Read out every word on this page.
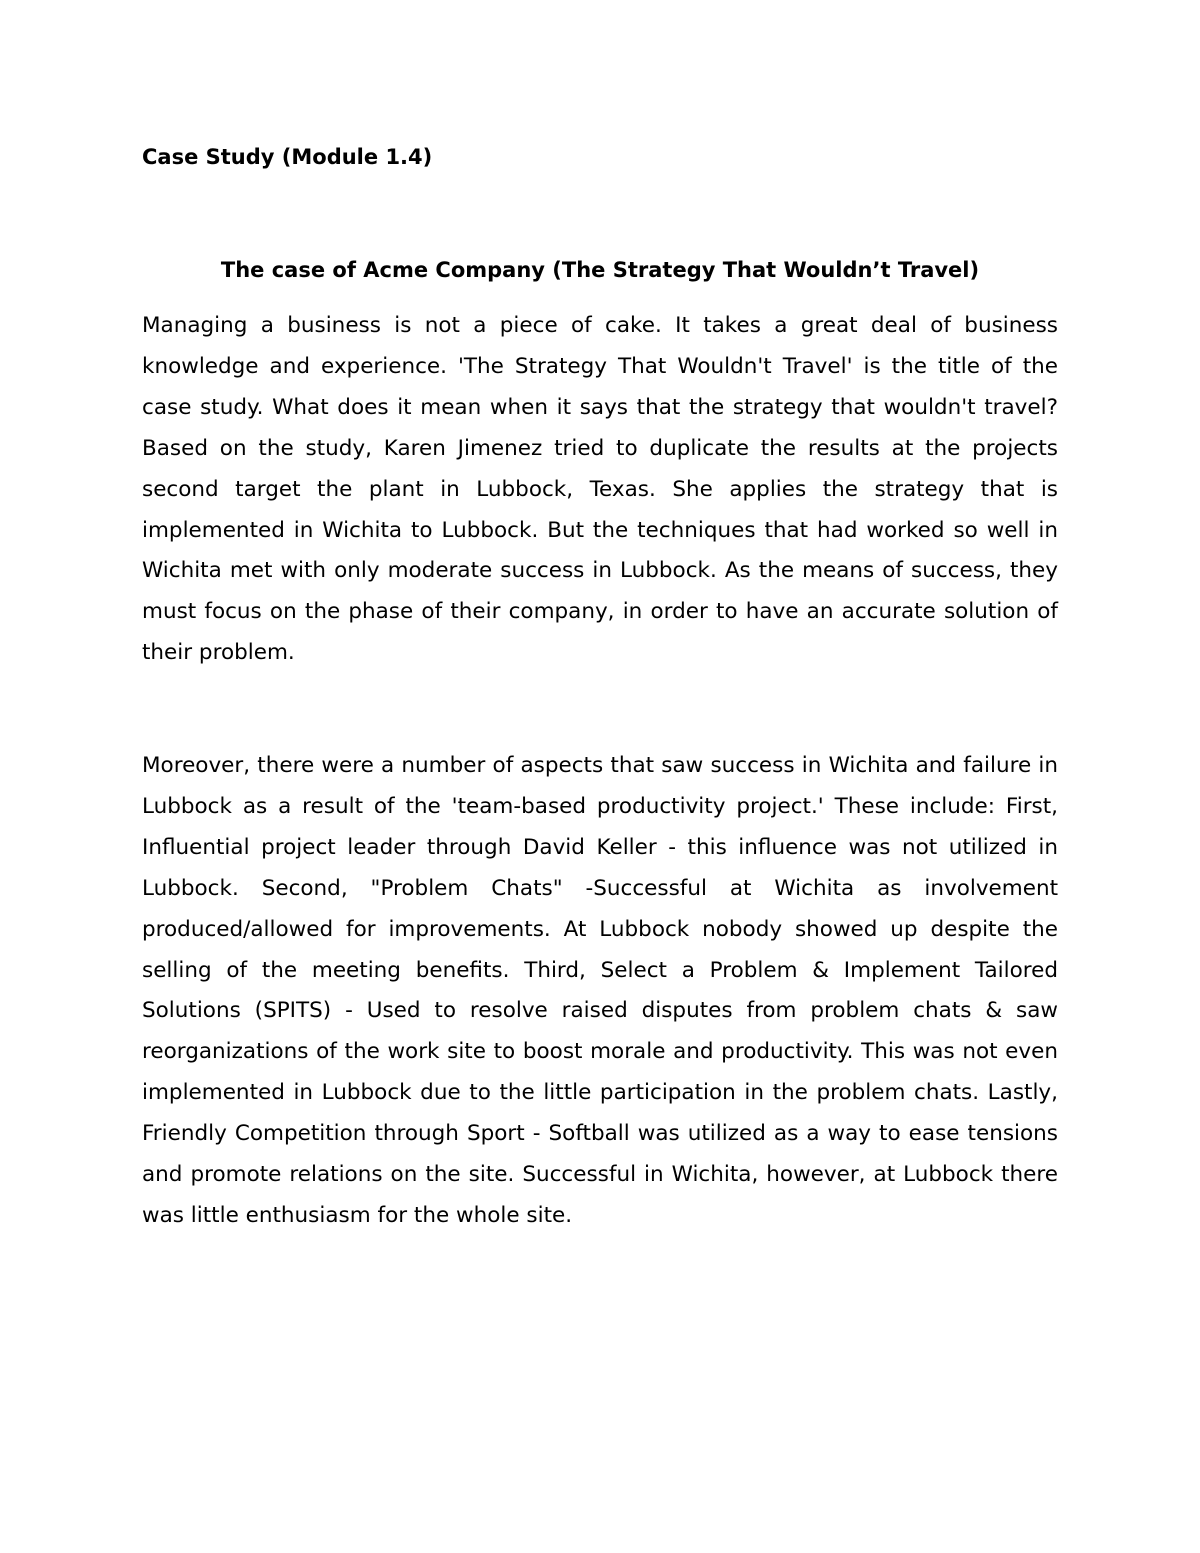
Case Study (Module 1.4)
The case of Acme Company (The Strategy That Wouldn’t Travel)

Managing a business is not a piece of cake. It takes a great deal of business knowledge and experience. 'The Strategy That Wouldn't Travel' is the title of the case study. What does it mean when it says that the strategy that wouldn't travel? Based on the study, Karen Jimenez tried to duplicate the results at the projects second target the plant in Lubbock, Texas. She applies the strategy that is implemented in Wichita to Lubbock. But the techniques that had worked so well in Wichita met with only moderate success in Lubbock. As the means of success, they must focus on the phase of their company, in order to have an accurate solution of their problem.

Moreover, there were a number of aspects that saw success in Wichita and failure in Lubbock as a result of the 'team-based productivity project.' These include: First, Influential project leader through David Keller - this influence was not utilized in Lubbock. Second, "Problem Chats" -Successful at Wichita as involvement produced/allowed for improvements. At Lubbock nobody showed up despite the selling of the meeting benefits. Third, Select a Problem & Implement Tailored Solutions (SPITS) - Used to resolve raised disputes from problem chats & saw reorganizations of the work site to boost morale and productivity. This was not even implemented in Lubbock due to the little participation in the problem chats. Lastly, Friendly Competition through Sport - Softball was utilized as a way to ease tensions and promote relations on the site. Successful in Wichita, however, at Lubbock there was little enthusiasm for the whole site.
